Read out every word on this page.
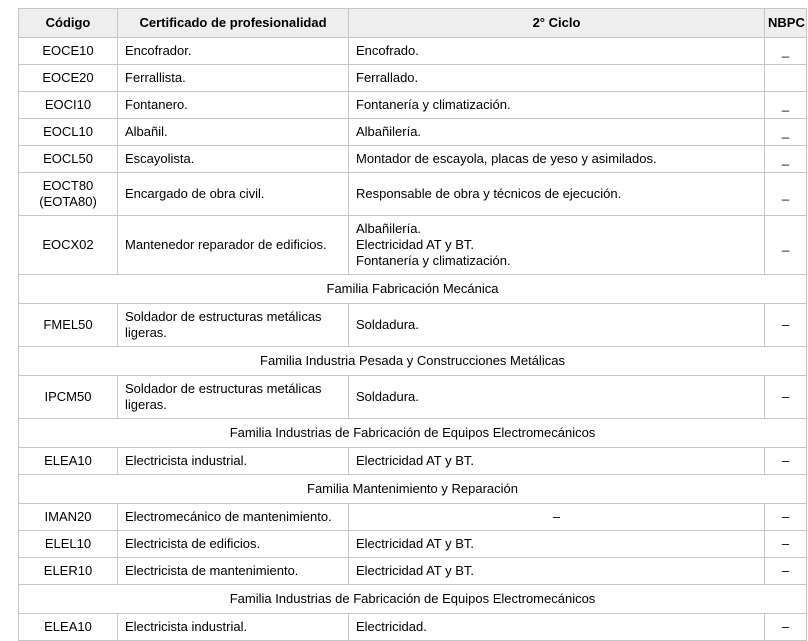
Código	Certificado de profesionalidad	2° Ciclo	NBPC
EOCE10	Encofrador.	Encofrado.	_
EOCE20	Ferrallista.	Ferrallado.	

EOCI10	Fontanero.	Fontanería y climatización.	_
EOCL10	Albañil.	Albañilería.	_
EOCL50	Escayolista.	Montador de escayola, placas de yeso y asimilados.	_
EOCT80 (EOTA80)	Encargado de obra civil.	Responsable de obra y técnicos de ejecución.	_
EOCX02	Mantenedor reparador de edificios.	Albañilería.
Electricidad AT y BT.
Fontanería y climatización.	_
Familia Fabricación Mecánica			
FMEL50	Soldador de estructuras metálicas ligeras.	Soldadura.	–
Familia Industria Pesada y Construcciones Metálicas			
IPCM50	Soldador de estructuras metálicas ligeras.	Soldadura.	–
Familia Industrias de Fabricación de Equipos Electromecánicos			
ELEA10	Electricista industrial.	Electricidad AT y BT.	–
Familia Mantenimiento y Reparación			
IMAN20	Electromecánico de mantenimiento.	–	–
ELEL10	Electricista de edificios.	Electricidad AT y BT.	–
ELER10	Electricista de mantenimiento.	Electricidad AT y BT.	–
Familia Industrias de Fabricación de Equipos Electromecánicos			
ELEA10	Electricista industrial.	Electricidad.	–
